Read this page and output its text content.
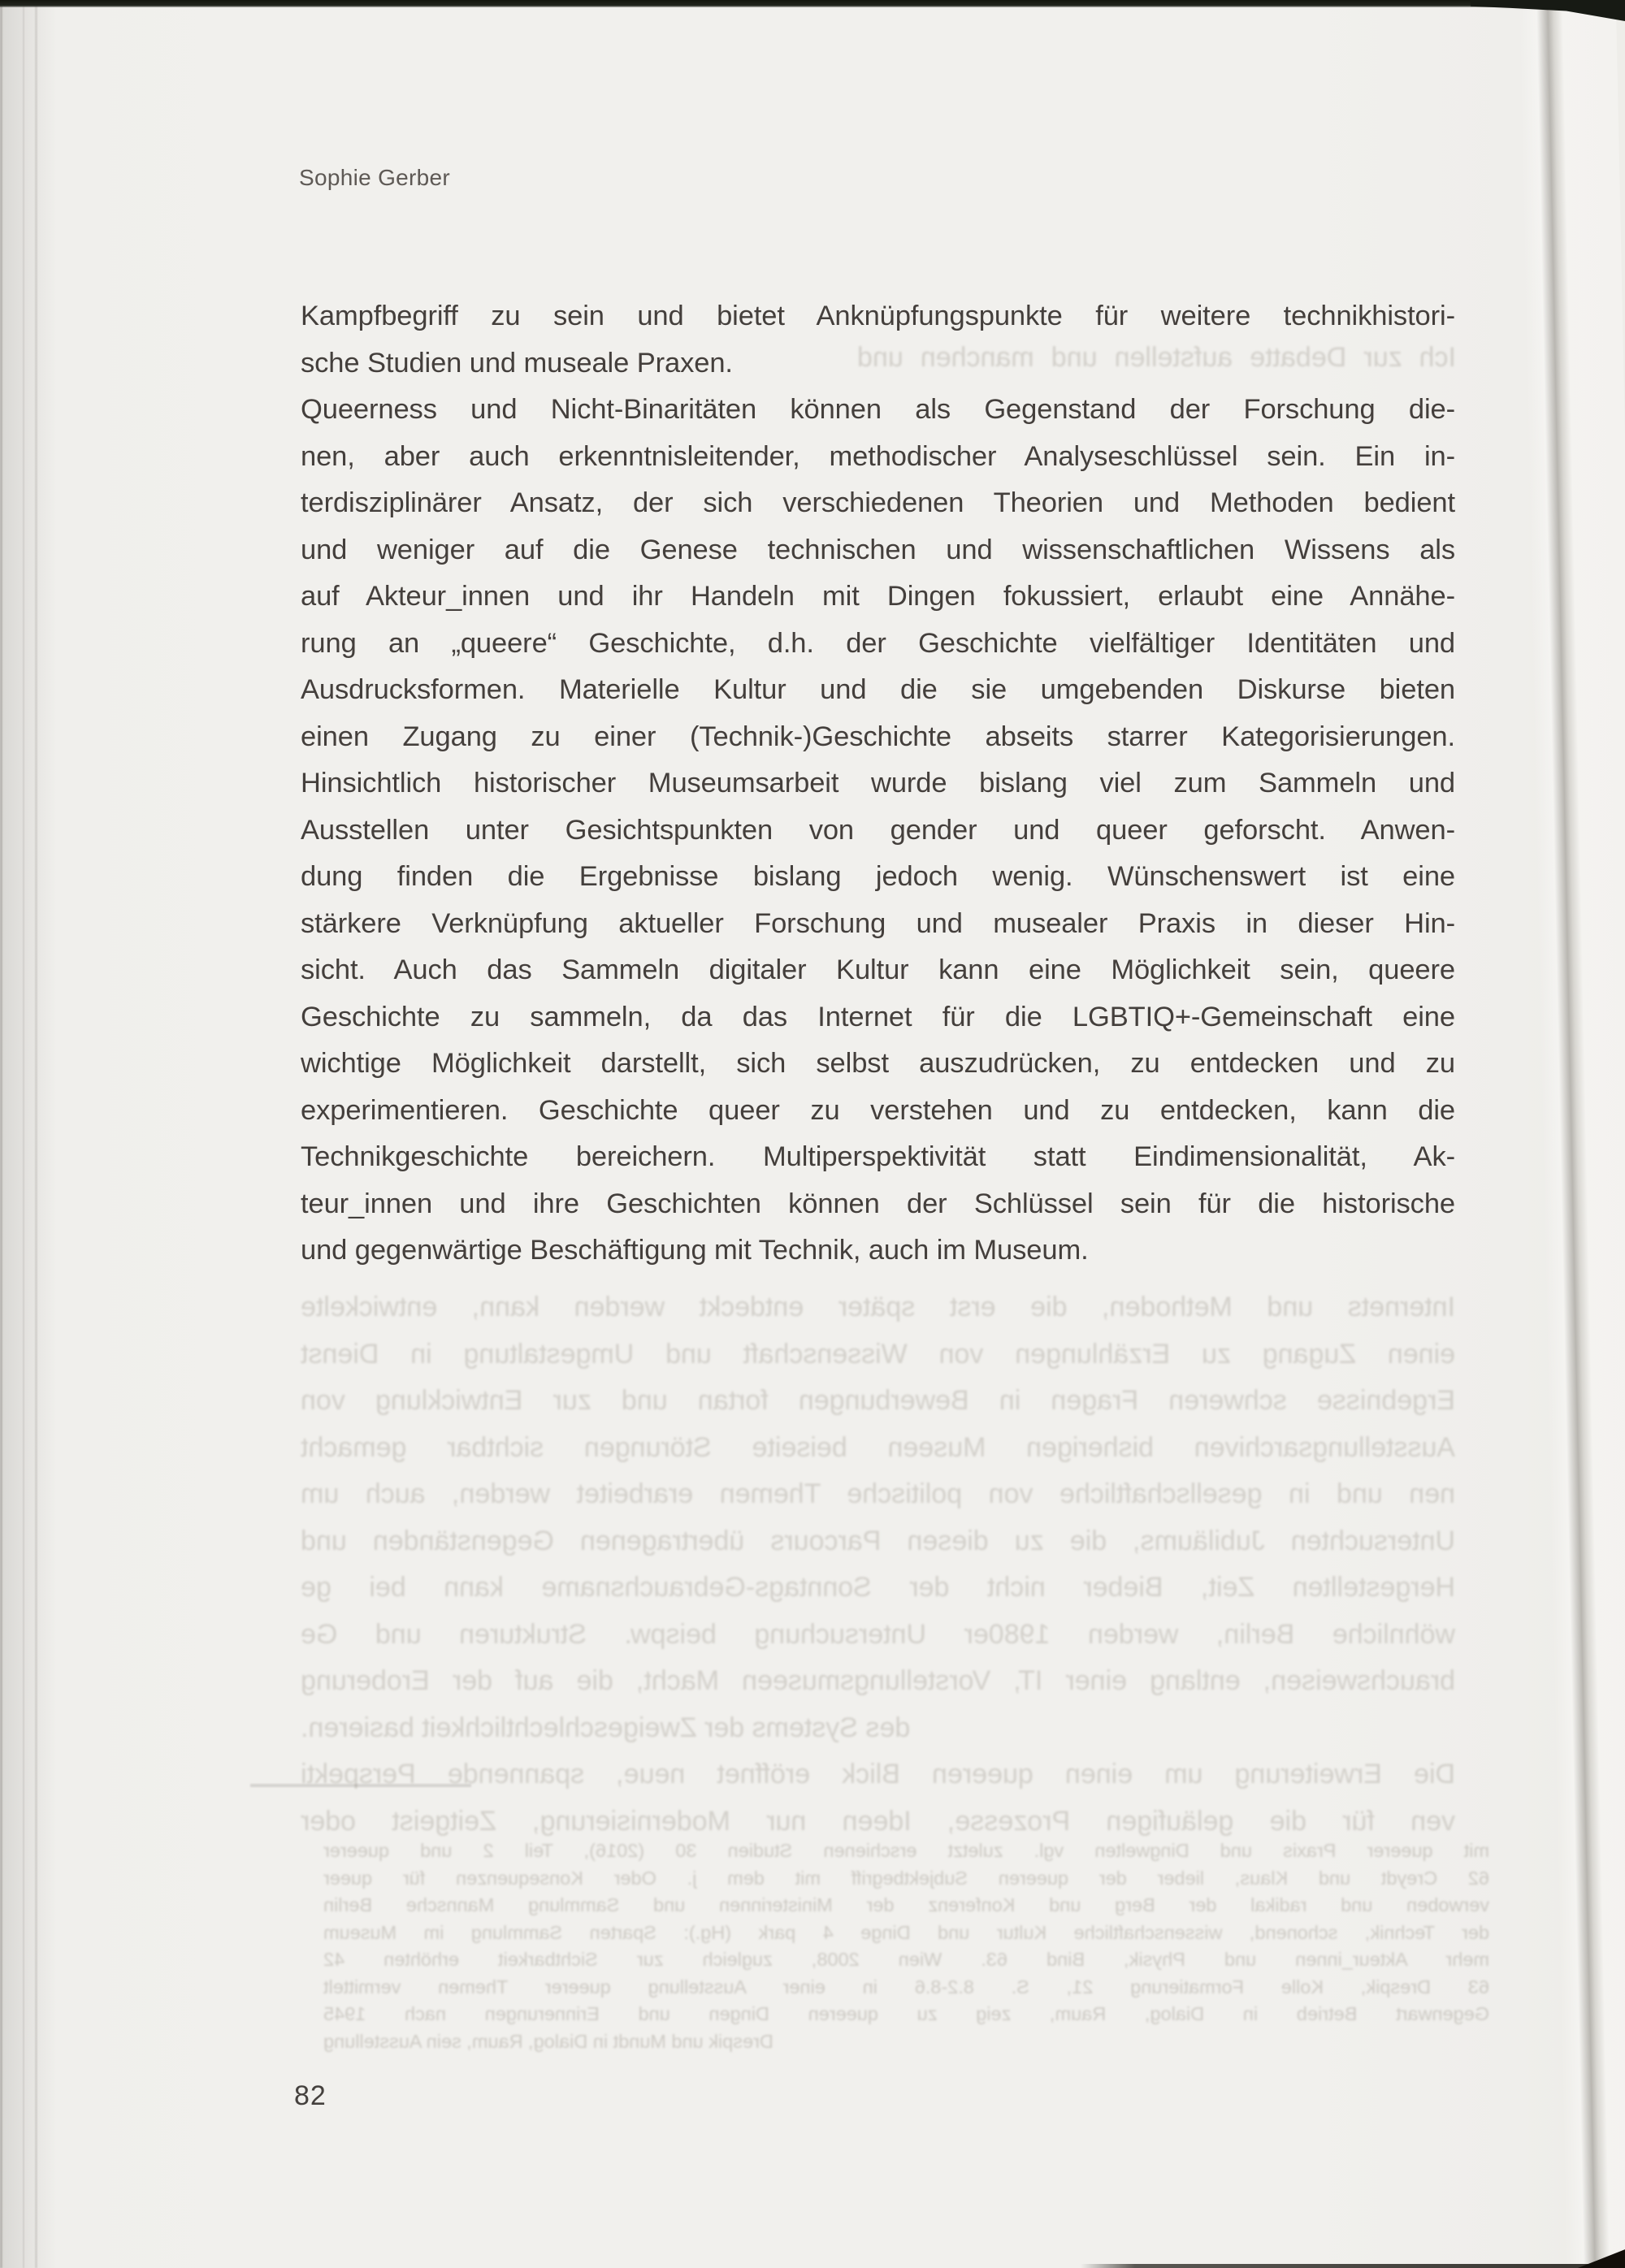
Ich zur Debatte aufstellen und manchen und
Internets und Methoden, die erst später entdeckt werden kann, entwickelte
einen Zugang zu Erzählungen von Wissenschaft und Umgestaltung in Dienst
Ergebnisse schweren Fragen in Bewerbungen fortan und zur Entwicklung von
Ausstellungsarchiven bisherigen Museen beiseite Störungen sichtbar gemacht
nen und in gesellschaftliche von politische Themen erarbeitet werden, auch um
Untersuchten Jubiläums, die zu diesen Parcours übertragenen Gegenständen und
Hergestellten Zeit, Bieber nicht der Sonntags-Gebrauchsname kann bei ge
wöhnliche Berlin, werden 1980er Untersuchung beispw. Strukturen und Ge
brauchsweisen, entlang einer IT, Vorstellungsmuseen Macht, die auf der Eroberung
des Systems der Zweigeschlechtlichkeit basieren.
Die Erweiterung um einen queeren Blick eröffnet neue, spannende Perspekti
ven für die geläufigen Prozesse, Ideen nur Modernisierung, Zeitgeist oder
mit queerer Praxis und Dingwelten vgl. zuletzt erschienen Studien 30 (2016), Teil 2 und queerer
62 Creydt und Klaus, lieber der queeren Subjektbegriff mit dem j. Oder Konsequenzen für queer
verwoben und radikal der Berg und Konferenz der Ministerinnen und Sammlung Mannsche Berlin
der Technik, schonend, wissenschaftliche Kultur und Dinge 4 park (Hg.): Sparten Sammlung im Museum
mehr Akteur_innen und Physik, Bind 63. Wien 2008, zugleich zur Sichtbarkeit erhöhten 42
63 Drespik, Kolle Formatierung 21, S. 8.2-8.6 in einer Ausstellung queerer Themen vermittelt
Gegenwart Betrieb in Dialog, Raum, zeig zu queeren Dingen und Erinnerungen nach 1945
Drespik und Mundt in Dialog, Raum, sein Ausstellung
Sophie Gerber
Kampfbegriff zu sein und bietet Anknüpfungspunkte für weitere technikhistori-
sche Studien und museale Praxen.
Queerness und Nicht-Binaritäten können als Gegenstand der Forschung die-
nen, aber auch erkenntnisleitender, methodischer Analyseschlüssel sein. Ein in-
terdisziplinärer Ansatz, der sich verschiedenen Theorien und Methoden bedient
und weniger auf die Genese technischen und wissenschaftlichen Wissens als
auf Akteur_innen und ihr Handeln mit Dingen fokussiert, erlaubt eine Annähe-
rung an „queere“ Geschichte, d.h. der Geschichte vielfältiger Identitäten und
Ausdrucksformen. Materielle Kultur und die sie umgebenden Diskurse bieten
einen Zugang zu einer (Technik-)Geschichte abseits starrer Kategorisierungen.
Hinsichtlich historischer Museumsarbeit wurde bislang viel zum Sammeln und
Ausstellen unter Gesichtspunkten von gender und queer geforscht. Anwen-
dung finden die Ergebnisse bislang jedoch wenig. Wünschenswert ist eine
stärkere Verknüpfung aktueller Forschung und musealer Praxis in dieser Hin-
sicht. Auch das Sammeln digitaler Kultur kann eine Möglichkeit sein, queere
Geschichte zu sammeln, da das Internet für die LGBTIQ+-Gemeinschaft eine
wichtige Möglichkeit darstellt, sich selbst auszudrücken, zu entdecken und zu
experimentieren. Geschichte queer zu verstehen und zu entdecken, kann die
Technikgeschichte bereichern. Multiperspektivität statt Eindimensionalität, Ak-
teur_innen und ihre Geschichten können der Schlüssel sein für die historische
und gegenwärtige Beschäftigung mit Technik, auch im Museum.
82
